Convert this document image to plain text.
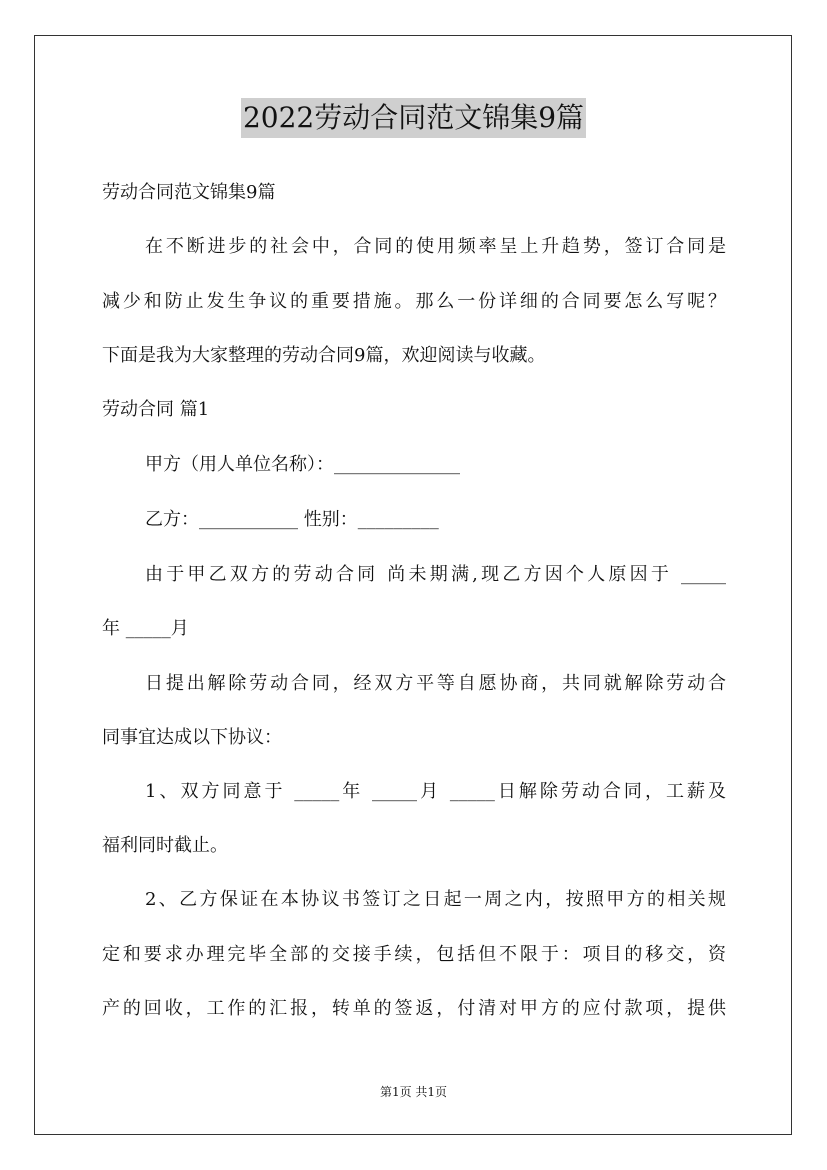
2022劳动合同范文锦集9篇
劳动合同范文锦集9篇
在不断进步的社会中，合同的使用频率呈上升趋势，签订合同是
减少和防止发生争议的重要措施。那么一份详细的合同要怎么写呢？
下面是我为大家整理的劳动合同9篇，欢迎阅读与收藏。
劳动合同 篇1
甲方（用人单位名称）：______________
乙方：___________ 性别：_________
由于甲乙双方的劳动合同 尚未期满,现乙方因个人原因于 _____
年 _____月
日提出解除劳动合同，经双方平等自愿协商，共同就解除劳动合
同事宜达成以下协议：
1、双方同意于 _____年 _____月 _____日解除劳动合同，工薪及
福利同时截止。
2、乙方保证在本协议书签订之日起一周之内，按照甲方的相关规
定和要求办理完毕全部的交接手续，包括但不限于：项目的移交，资
产的回收，工作的汇报，转单的签返，付清对甲方的应付款项，提供
第1页 共1页
